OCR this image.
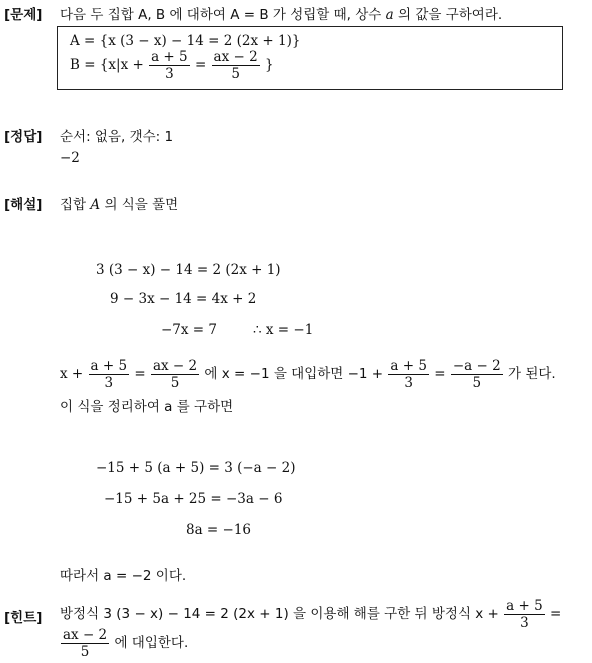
[문제] 다음 두 집합 A, B 에 대하여 A = B 가 성립할 때, 상수 a 의 값을 구하여라.
A = {x (3 − x) − 14 = 2 (2x + 1)}
$B = \{x|x + \frac{a + 5}{3} = \frac{ax - 2}{5}$ }
[정답] 순서: 없음, 갯수: 1
−2
[해설] 집합 A 의 식을 풀면
3 (3 − x) − 14 = 2 (2x + 1)
9 − 3x − 14 = 4x + 2
−7x = 7	∴ x = −1
$x + \frac{a + 5}{3} = \frac{ax - 2}{5}$ 에 x = −1 을 대입하면 $-1 + \frac{a + 5}{3} = \frac{-a - 2}{5}$ 가 된다.
이 식을 정리하여 a 를 구하면
−15 + 5 (a + 5) = 3 (−a − 2)
−15 + 5a + 25 = −3a − 6
8a = −16
따라서 a = −2 이다.
[힌트] 방정식 3 (3 − x) − 14 = 2 (2x + 1) 을 이용해 해를 구한 뒤 방정식 $x + \frac{a + 5}{3}$ =
$\frac{ax - 2}{5}$ 에 대입한다.
